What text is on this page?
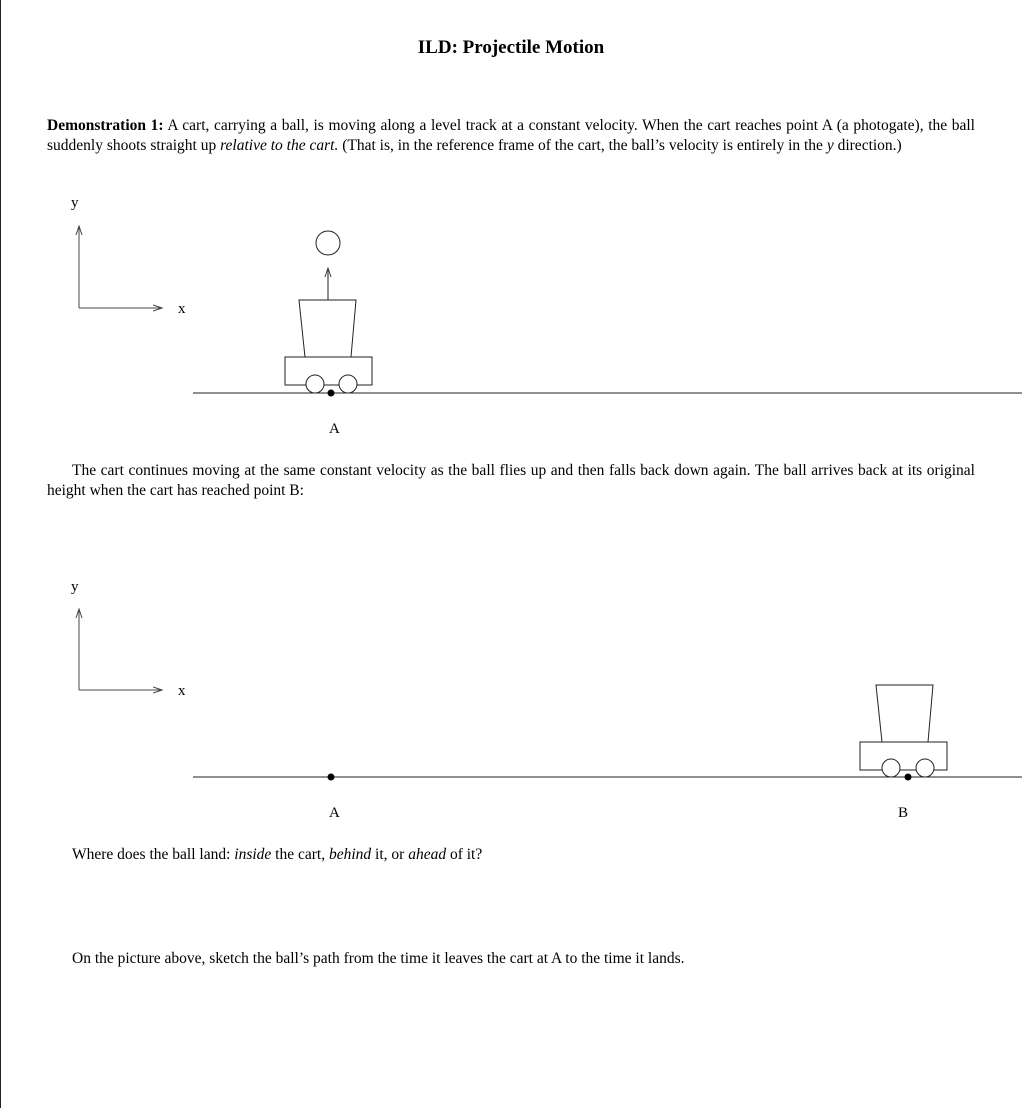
ILD: Projectile Motion
Demonstration 1: A cart, carrying a ball, is moving along a level track at a constant velocity. When the cart reaches point A (a photogate), the ball suddenly shoots straight up relative to the cart. (That is, in the reference frame of the cart, the ball’s velocity is entirely in the y direction.)
y
x
A
The cart continues moving at the same constant velocity as the ball flies up and then falls back down again. The ball arrives back at its original height when the cart has reached point B:
y
x
A	B
Where does the ball land: inside the cart, behind it, or ahead of it?
On the picture above, sketch the ball’s path from the time it leaves the cart at A to the time it lands.
